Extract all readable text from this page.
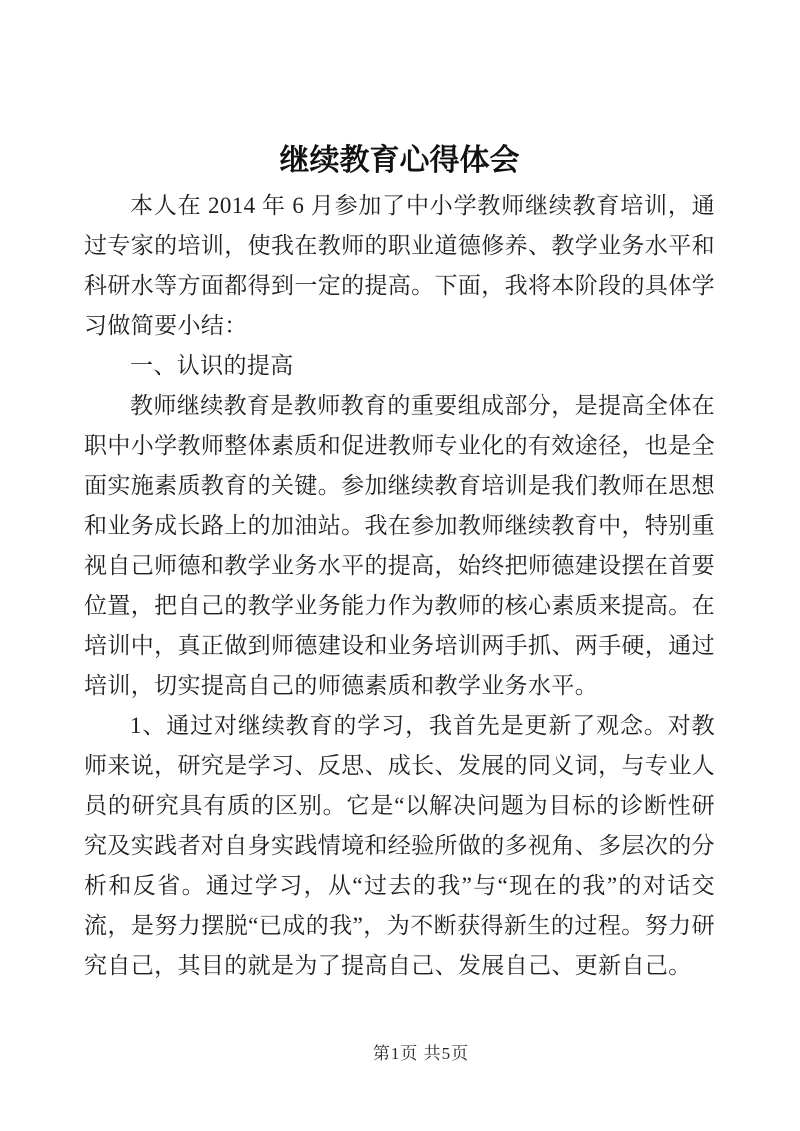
继续教育心得体会

本人在 2014 年 6 月参加了中小学教师继续教育培训，通过专家的培训，使我在教师的职业道德修养、教学业务水平和科研水等方面都得到一定的提高。下面，我将本阶段的具体学习做简要小结：

一、认识的提高

教师继续教育是教师教育的重要组成部分，是提高全体在职中小学教师整体素质和促进教师专业化的有效途径，也是全面实施素质教育的关键。参加继续教育培训是我们教师在思想和业务成长路上的加油站。我在参加教师继续教育中，特别重视自己师德和教学业务水平的提高，始终把师德建设摆在首要位置，把自己的教学业务能力作为教师的核心素质来提高。在培训中，真正做到师德建设和业务培训两手抓、两手硬，通过培训，切实提高自己的师德素质和教学业务水平。

1、通过对继续教育的学习，我首先是更新了观念。对教师来说，研究是学习、反思、成长、发展的同义词，与专业人员的研究具有质的区别。它是“以解决问题为目标的诊断性研究及实践者对自身实践情境和经验所做的多视角、多层次的分析和反省。通过学习，从“过去的我”与“现在的我”的对话交流，是努力摆脱“已成的我”，为不断获得新生的过程。努力研究自己，其目的就是为了提高自己、发展自己、更新自己。

第1页 共5页
